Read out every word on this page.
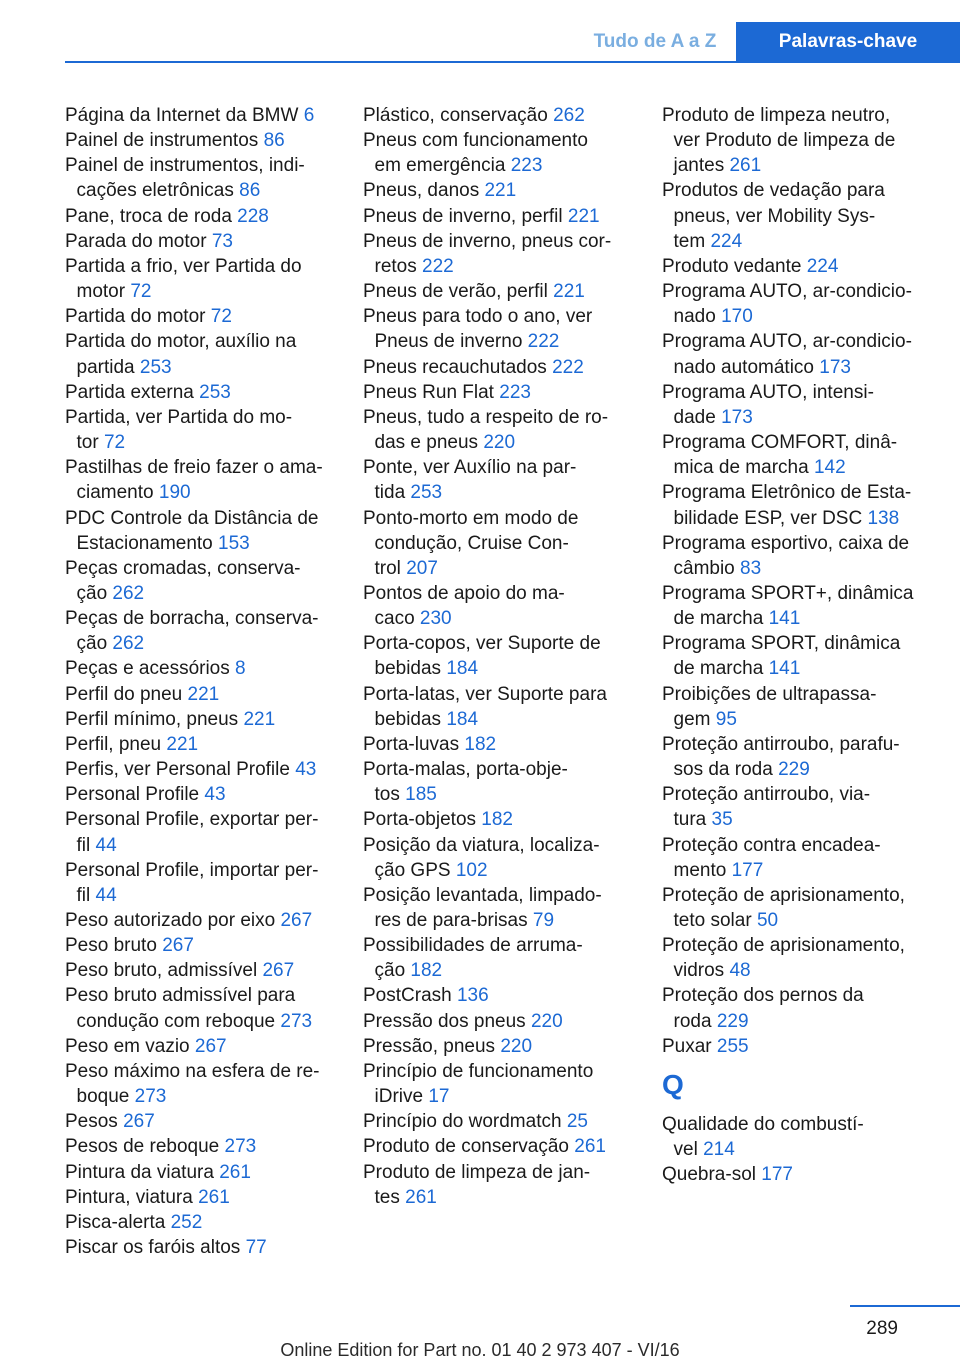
Tudo de A a Z	Palavras-chave
Página da Internet da BMW 6
Painel de instrumentos 86
Painel de instrumentos, indi-
cações eletrônicas 86
Pane, troca de roda 228
Parada do motor 73
Partida a frio, ver Partida do
motor 72
Partida do motor 72
Partida do motor, auxílio na
partida 253
Partida externa 253
Partida, ver Partida do mo-
tor 72
Pastilhas de freio fazer o ama-
ciamento 190
PDC Controle da Distância de
Estacionamento 153
Peças cromadas, conserva-
ção 262
Peças de borracha, conserva-
ção 262
Peças e acessórios 8
Perfil do pneu 221
Perfil mínimo, pneus 221
Perfil, pneu 221
Perfis, ver Personal Profile 43
Personal Profile 43
Personal Profile, exportar per-
fil 44
Personal Profile, importar per-
fil 44
Peso autorizado por eixo 267
Peso bruto 267
Peso bruto, admissível 267
Peso bruto admissível para
condução com reboque 273
Peso em vazio 267
Peso máximo na esfera de re-
boque 273
Pesos 267
Pesos de reboque 273
Pintura da viatura 261
Pintura, viatura 261
Pisca-alerta 252
Piscar os faróis altos 77
Plástico, conservação 262
Pneus com funcionamento
em emergência 223
Pneus, danos 221
Pneus de inverno, perfil 221
Pneus de inverno, pneus cor-
retos 222
Pneus de verão, perfil 221
Pneus para todo o ano, ver
Pneus de inverno 222
Pneus recauchutados 222
Pneus Run Flat 223
Pneus, tudo a respeito de ro-
das e pneus 220
Ponte, ver Auxílio na par-
tida 253
Ponto-morto em modo de
condução, Cruise Con-
trol 207
Pontos de apoio do ma-
caco 230
Porta-copos, ver Suporte de
bebidas 184
Porta-latas, ver Suporte para
bebidas 184
Porta-luvas 182
Porta-malas, porta-obje-
tos 185
Porta-objetos 182
Posição da viatura, localiza-
ção GPS 102
Posição levantada, limpado-
res de para-brisas 79
Possibilidades de arruma-
ção 182
PostCrash 136
Pressão dos pneus 220
Pressão, pneus 220
Princípio de funcionamento
iDrive 17
Princípio do wordmatch 25
Produto de conservação 261
Produto de limpeza de jan-
tes 261
Produto de limpeza neutro,
ver Produto de limpeza de
jantes 261
Produtos de vedação para
pneus, ver Mobility Sys-
tem 224
Produto vedante 224
Programa AUTO, ar-condicio-
nado 170
Programa AUTO, ar-condicio-
nado automático 173
Programa AUTO, intensi-
dade 173
Programa COMFORT, dinâ-
mica de marcha 142
Programa Eletrônico de Esta-
bilidade ESP, ver DSC 138
Programa esportivo, caixa de
câmbio 83
Programa SPORT+, dinâmica
de marcha 141
Programa SPORT, dinâmica
de marcha 141
Proibições de ultrapassa-
gem 95
Proteção antirroubo, parafu-
sos da roda 229
Proteção antirroubo, via-
tura 35
Proteção contra encadea-
mento 177
Proteção de aprisionamento,
teto solar 50
Proteção de aprisionamento,
vidros 48
Proteção dos pernos da
roda 229
Puxar 255
Q
Qualidade do combustí-
vel 214
Quebra-sol 177
289
Online Edition for Part no. 01 40 2 973 407 - VI/16
